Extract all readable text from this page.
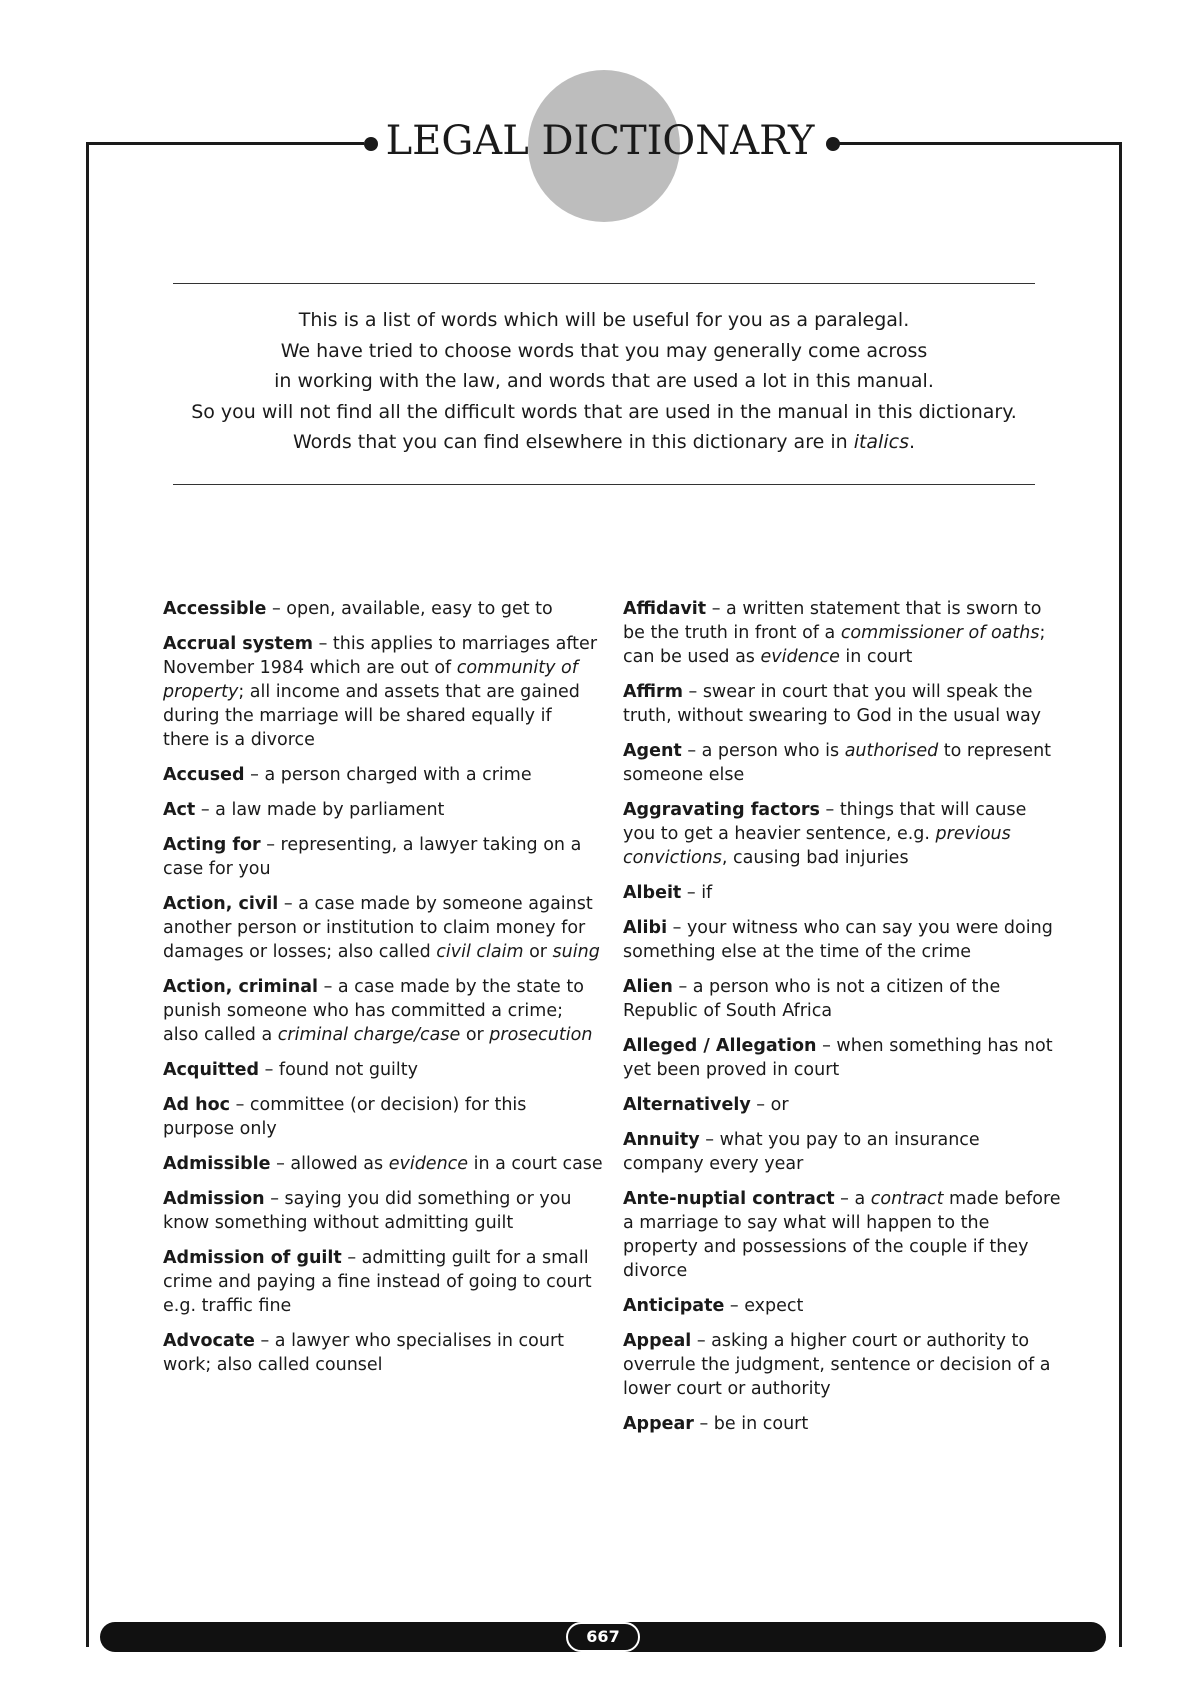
LEGAL DICTIONARY
This is a list of words which will be useful for you as a paralegal.
We have tried to choose words that you may generally come across
in working with the law, and words that are used a lot in this manual.
So you will not find all the difficult words that are used in the manual in this dictionary.
Words that you can find elsewhere in this dictionary are in italics.
Accessible – open, available, easy to get to
Accrual system – this applies to marriages after November 1984 which are out of community of property; all income and assets that are gained during the marriage will be shared equally if there is a divorce
Accused – a person charged with a crime
Act – a law made by parliament
Acting for – representing, a lawyer taking on a case for you
Action, civil – a case made by someone against another person or institution to claim money for damages or losses; also called civil claim or suing
Action, criminal – a case made by the state to punish someone who has committed a crime; also called a criminal charge/case or prosecution
Acquitted – found not guilty
Ad hoc – committee (or decision) for this purpose only
Admissible – allowed as evidence in a court case
Admission – saying you did something or you know something without admitting guilt
Admission of guilt – admitting guilt for a small crime and paying a fine instead of going to court e.g. traffic fine
Advocate – a lawyer who specialises in court work; also called counsel
Affidavit – a written statement that is sworn to be the truth in front of a commissioner of oaths; can be used as evidence in court
Affirm – swear in court that you will speak the truth, without swearing to God in the usual way
Agent – a person who is authorised to represent someone else
Aggravating factors – things that will cause you to get a heavier sentence, e.g. previous convictions, causing bad injuries
Albeit – if
Alibi – your witness who can say you were doing something else at the time of the crime
Alien – a person who is not a citizen of the Republic of South Africa
Alleged / Allegation – when something has not yet been proved in court
Alternatively – or
Annuity – what you pay to an insurance company every year
Ante-nuptial contract – a contract made before a marriage to say what will happen to the property and possessions of the couple if they divorce
Anticipate – expect
Appeal – asking a higher court or authority to overrule the judgment, sentence or decision of a lower court or authority
Appear – be in court
667
